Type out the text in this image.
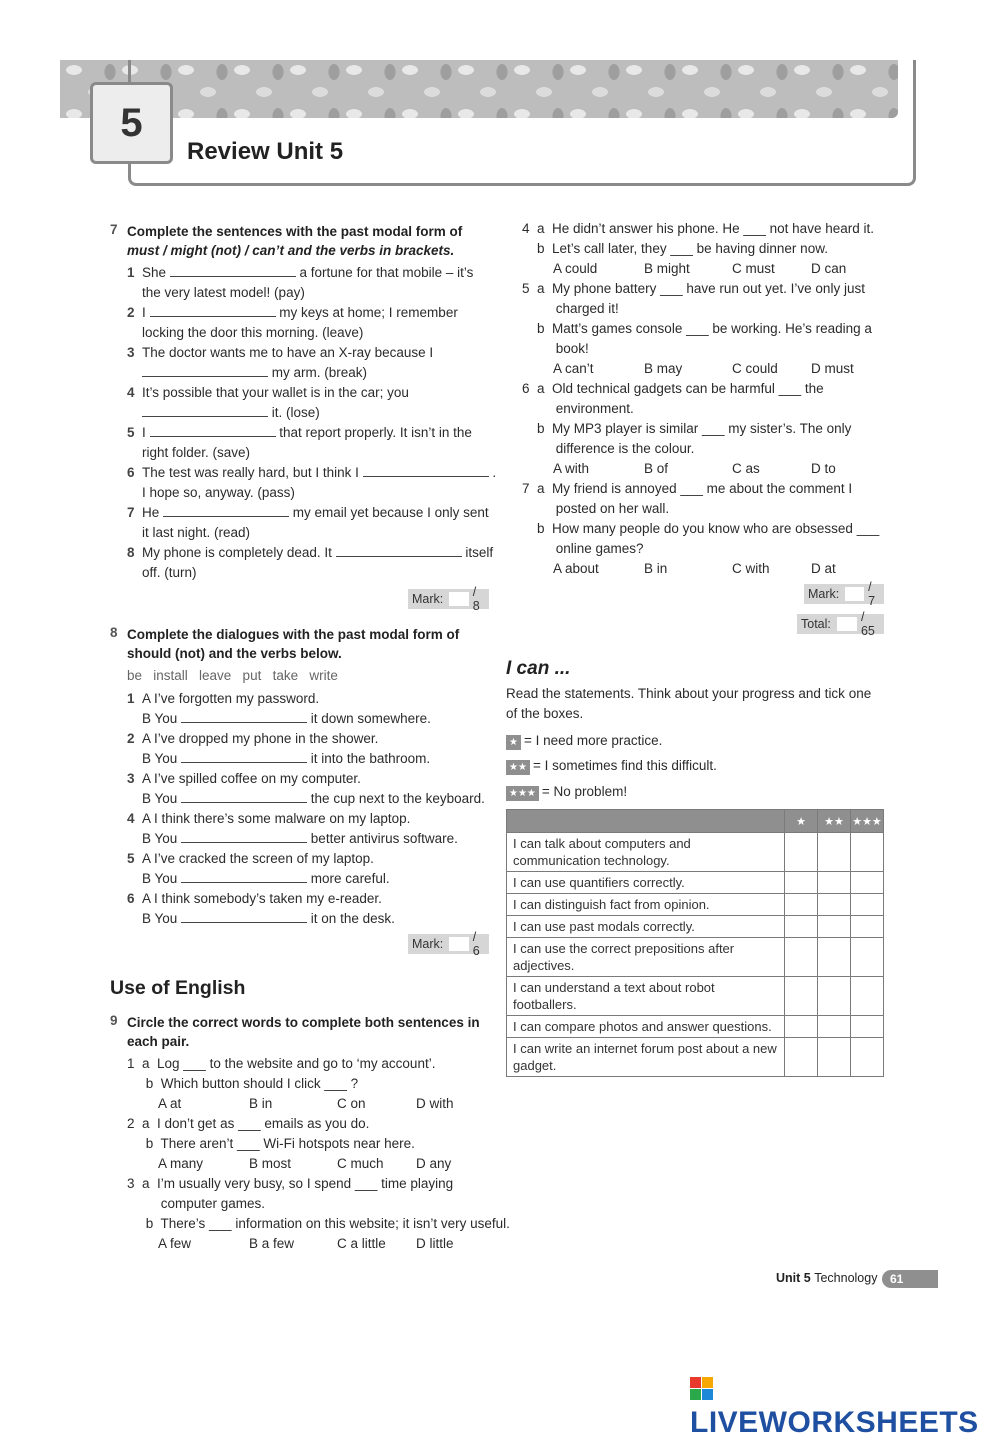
5
Review Unit 5
7 Complete the sentences with the past modal form of
must / might (not) / can’t and the verbs in brackets.
1 She	a fortune for that mobile – it’s
the very latest model! (pay)
2 I	my keys at home; I remember
locking the door this morning. (leave)
3 The doctor wants me to have an X-ray because I
my arm. (break)
4 It’s possible that your wallet is in the car; you
it. (lose)
5 I	that report properly. It isn’t in the
right folder. (save)
6 The test was really hard, but I think I	.
I hope so, anyway. (pass)
7 He	my email yet because I only sent
it last night. (read)
8 My phone is completely dead. It	itself
off. (turn)
Mark: / 8
8 Complete the dialogues with the past modal form of
should (not) and the verbs below.
be   install   leave   put   take   write
1 A I’ve forgotten my password.
B You	it down somewhere.
2 A I’ve dropped my phone in the shower.
B You	it into the bathroom.
3 A I’ve spilled coffee on my computer.
B You	the cup next to the keyboard.
4 A I think there’s some malware on my laptop.
B You	better antivirus software.
5 A I’ve cracked the screen of my laptop.
B You	more careful.
6 A I think somebody’s taken my e-reader.
B You	it on the desk.
Mark: / 6
Use of English
9 Circle the correct words to complete both sentences in
each pair.
1  a  Log ___ to the website and go to ‘my account’.
b  Which button should I click ___ ?
2  a  I don’t get as ___ emails as you do.
b  There aren’t ___ Wi-Fi hotspots near here.
3  a  I’m usually very busy, so I spend ___ time playing
computer games.
b  There’s ___ information on this website; it isn’t very useful.
A at	B in	C on	D with
A many	B most	C much D any
A few	B a few	C a little D little
4  a  He didn’t answer his phone. He ___ not have heard it.
b  Let’s call later, they ___ be having dinner now.
5  a  My phone battery ___ have run out yet. I’ve only just
charged it!
b  Matt’s games console ___ be working. He’s reading a
book!
6  a  Old technical gadgets can be harmful ___ the
environment.
b  My MP3 player is similar ___ my sister’s. The only
difference is the colour.
7  a  My friend is annoyed ___ me about the comment I
posted on her wall.
b  How many people do you know who are obsessed ___
online games?
A could	B might	C must	D can
A can’t	B may	C could D must
A with	B of	C as	D to
A about	B in	C with	D at
Mark: / 7
Total: / 65
I can ...
Read the statements. Think about your progress and tick one
of the boxes.
★ = I need more practice.
★★ = I sometimes find this difficult.
★★★ = No problem!
	★	★★	★★★
I can talk about computers and communication technology.			
I can use quantifiers correctly.			
I can distinguish fact from opinion.			
I can use past modals correctly.			
I can use the correct prepositions after adjectives.			
I can understand a text about robot footballers.			
I can compare photos and answer questions.			
I can write an internet forum post about a new gadget.			
Unit 5 Technology	61
LIVEWORKSHEETS
